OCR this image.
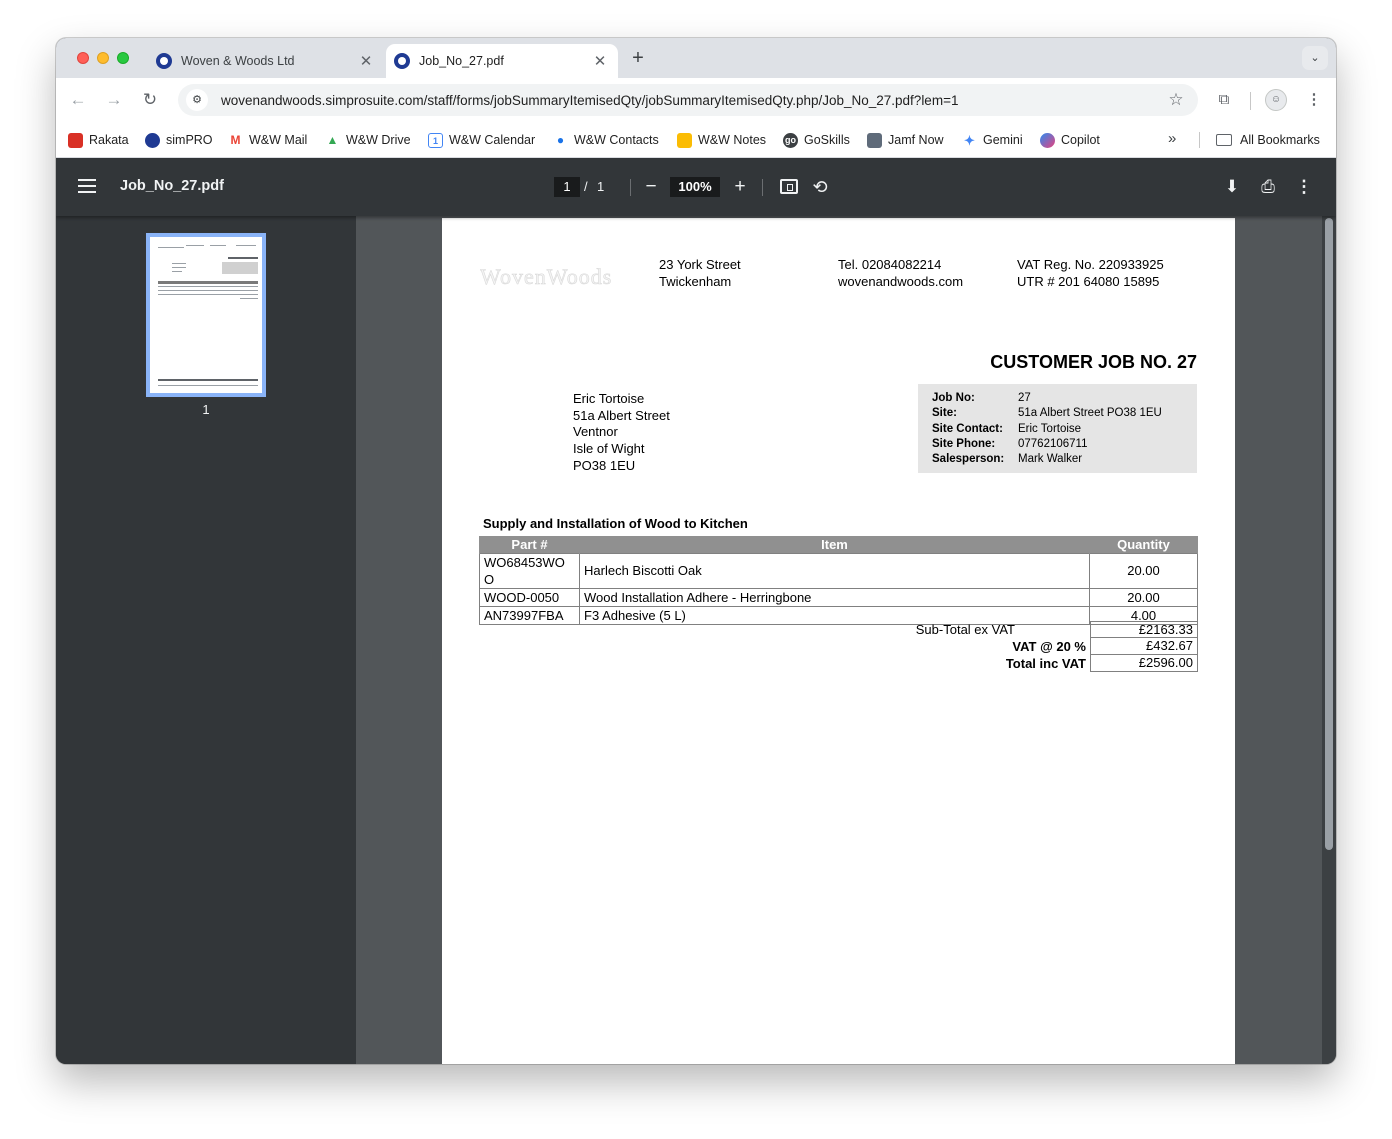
Woven & Woods Ltd	✕	Job_No_27.pdf	✕ +	⌄
← → ↻	⚙	wovenandwoods.simprosuite.com/staff/forms/jobSummaryItemisedQty/jobSummaryItemisedQty.php/Job_No_27.pdf?lem=1	☆	⧉	☺	⋮
Rakata	simPRO M W&W Mail ▲ W&W Drive	1 W&W Calendar	● W&W Contacts	W&W Notes go GoSkills	Jamf Now ✦ Gemini	Copilot	»	All Bookmarks
Job_No_27.pdf	1	/ 1 −	100%	+	⟲	⬇ ⎙ ⋮
1
WovenWoods	23 York Street
Twickenham
Tel. 02084082214
wovenandwoods.com
VAT Reg. No. 220933925
UTR # 201 64080 15895
CUSTOMER JOB NO. 27
Eric Tortoise
51a Albert Street
Ventnor
Isle of Wight
PO38 1EU
Job No:	27
Site:	51a Albert Street PO38 1EU
Site Contact:	Eric Tortoise
Site Phone:	07762106711
Salesperson:	Mark Walker
Supply and Installation of Wood to Kitchen
Part #	Item	Quantity
WO68453WOO	Harlech Biscotti Oak	20.00
WOOD-0050	Wood Installation Adhere - Herringbone	20.00
AN73997FBA	F3 Adhesive (5 L)	4.00
Sub-Total ex VAT	£2163.33
VAT @ 20 %	£432.67
Total inc VAT	£2596.00
